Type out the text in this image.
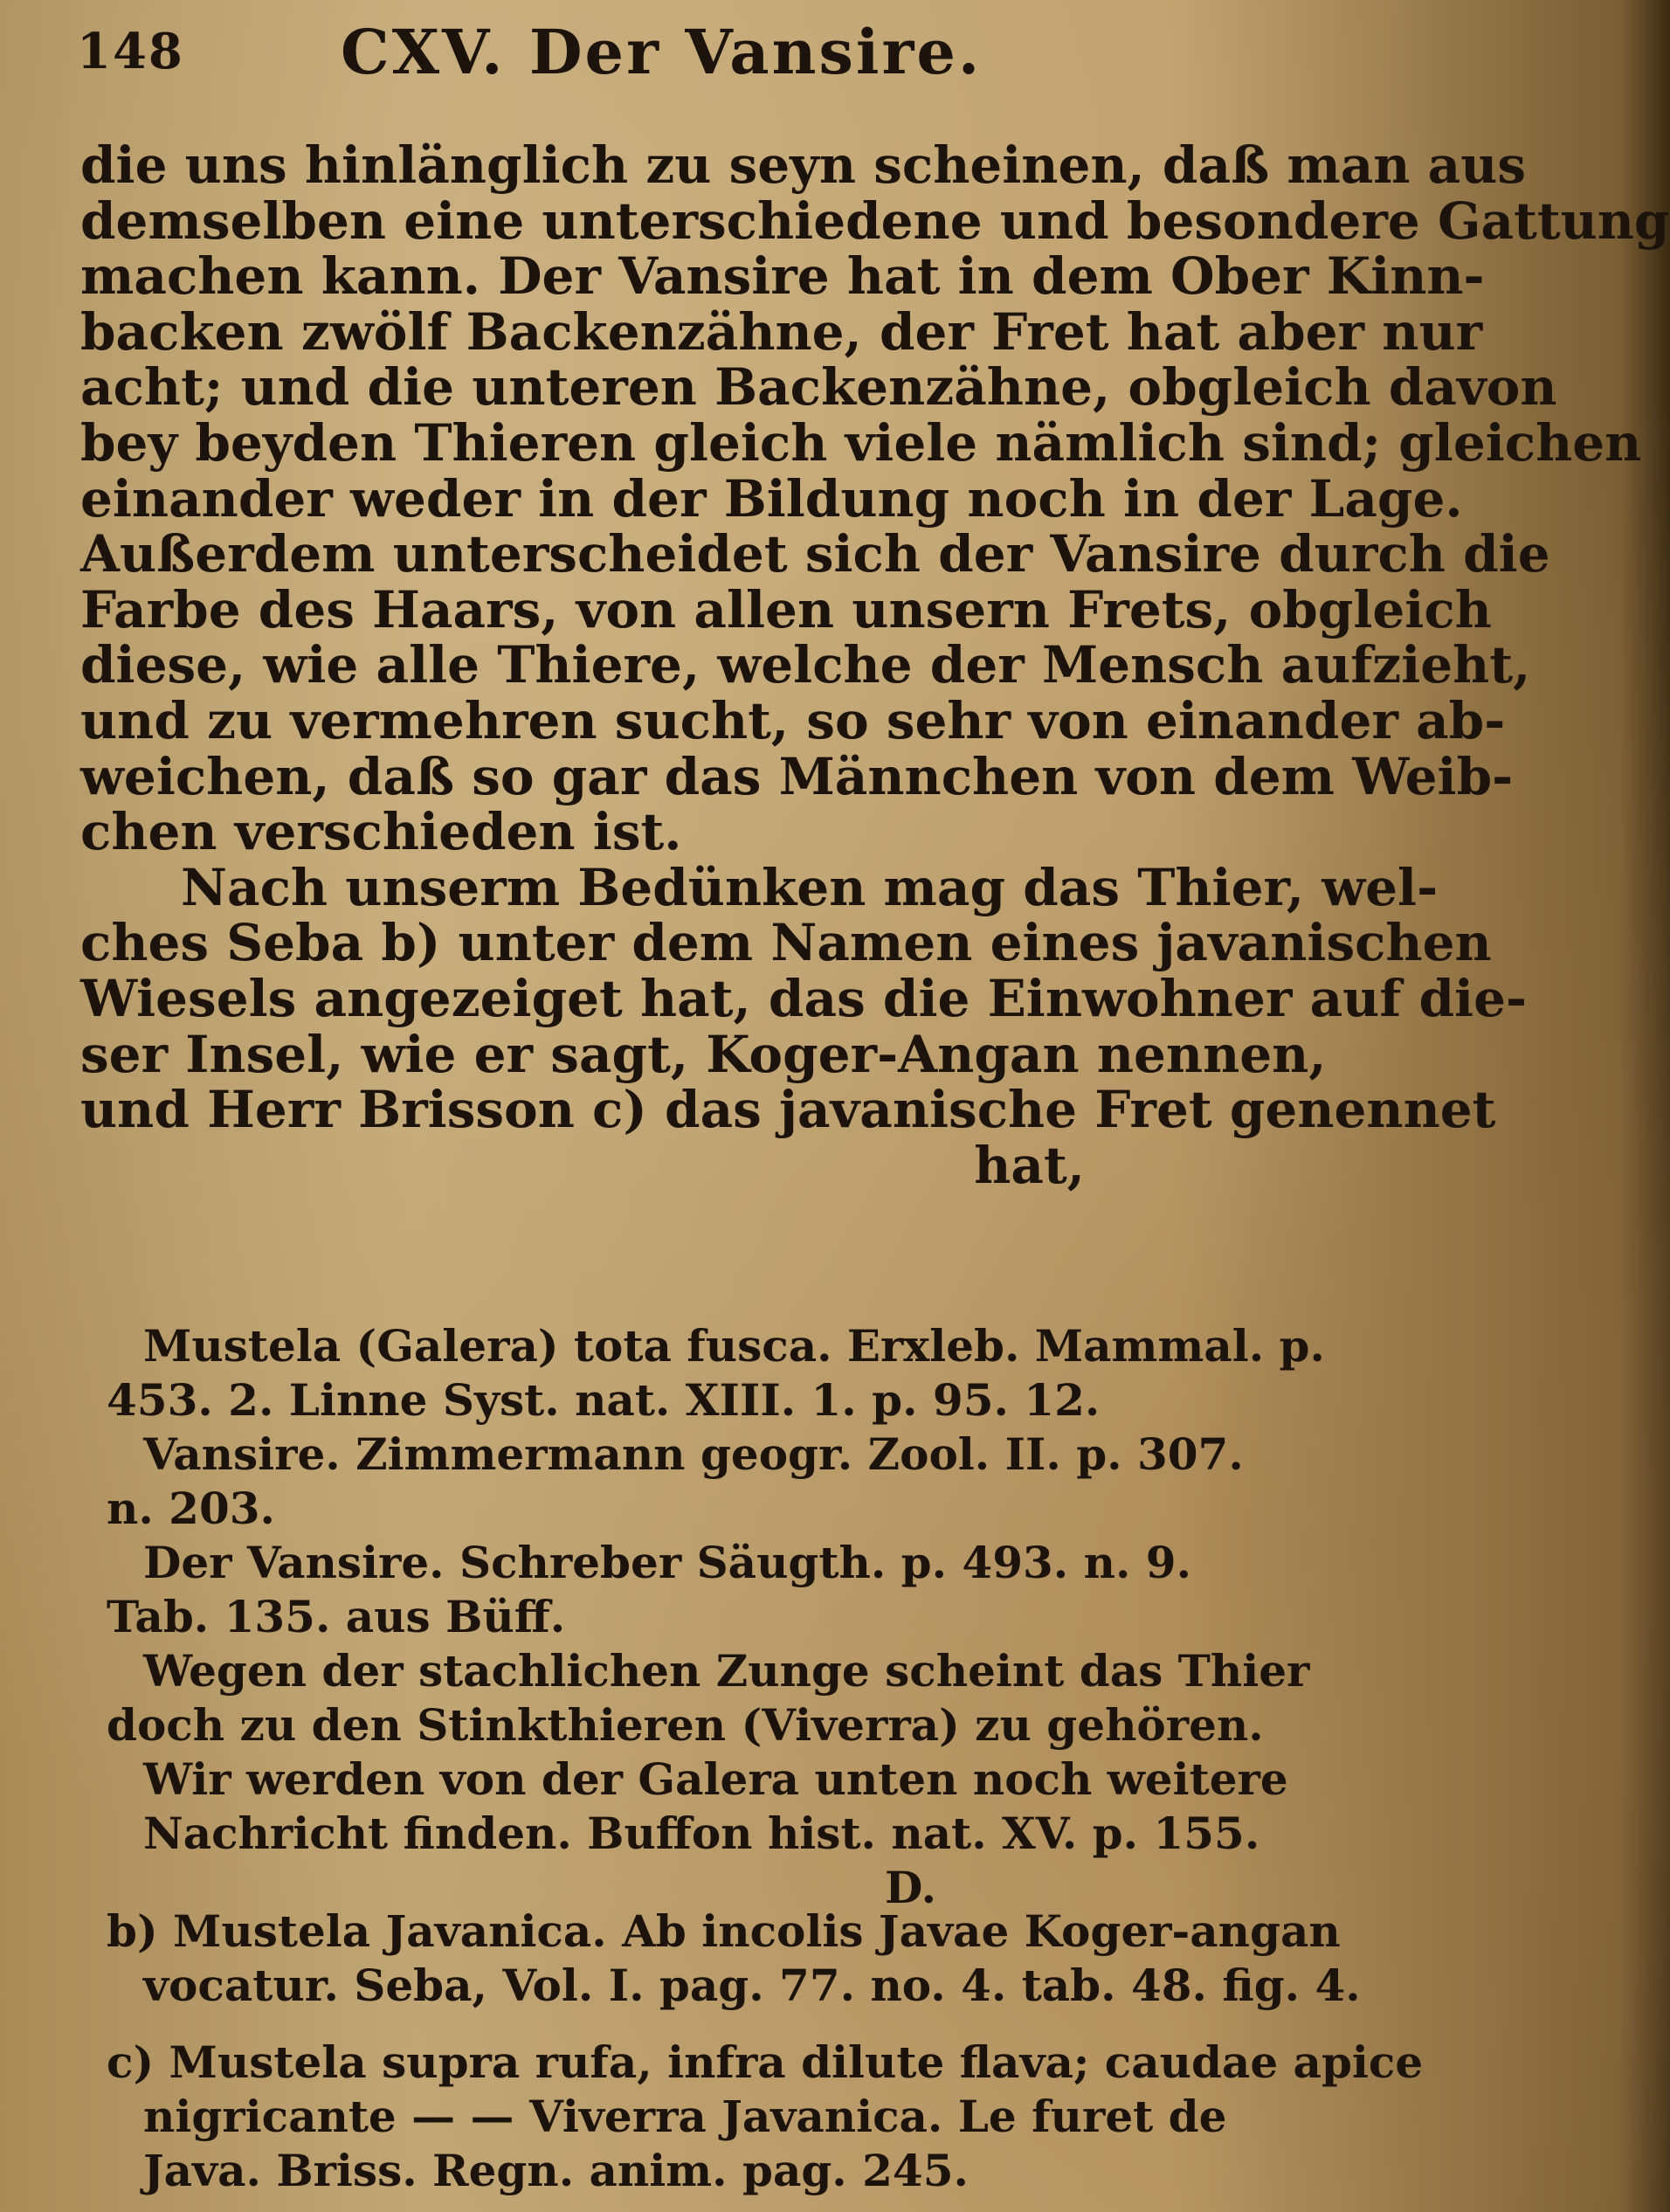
148	CXV. Der Vansire.
die uns hinlänglich zu seyn scheinen, daß man aus
demselben eine unterschiedene und besondere Gattung
machen kann. Der Vansire hat in dem Ober Kinn-
backen zwölf Backenzähne, der Fret hat aber nur
acht; und die unteren Backenzähne, obgleich davon
bey beyden Thieren gleich viele nämlich sind; gleichen
einander weder in der Bildung noch in der Lage.
Außerdem unterscheidet sich der Vansire durch die
Farbe des Haars, von allen unsern Frets, obgleich
diese, wie alle Thiere, welche der Mensch aufzieht,
und zu vermehren sucht, so sehr von einander ab-
weichen, daß so gar das Männchen von dem Weib-
chen verschieden ist.
Nach unserm Bedünken mag das Thier, wel-
ches Seba b) unter dem Namen eines javanischen
Wiesels angezeiget hat, das die Einwohner auf die-
ser Insel, wie er sagt, Koger-Angan nennen,
und Herr Brisson c) das javanische Fret genennet
hat,
Mustela (Galera) tota fusca. Erxleb. Mammal. p.
453. 2. Linne Syst. nat. XIII. 1. p. 95. 12.
Vansire. Zimmermann geogr. Zool. II. p. 307.
n. 203.
Der Vansire. Schreber Säugth. p. 493. n. 9.
Tab. 135. aus Büff.
Wegen der stachlichen Zunge scheint das Thier
doch zu den Stinkthieren (Viverra) zu gehören.
Wir werden von der Galera unten noch weitere
Nachricht finden. Buffon hist. nat. XV. p. 155.
D.
b) Mustela Javanica. Ab incolis Javae Koger-angan
vocatur. Seba, Vol. I. pag. 77. no. 4. tab. 48. fig. 4.
c) Mustela supra rufa, infra dilute flava; caudae apice
nigricante — — Viverra Javanica. Le furet de
Java. Briss. Regn. anim. pag. 245.
